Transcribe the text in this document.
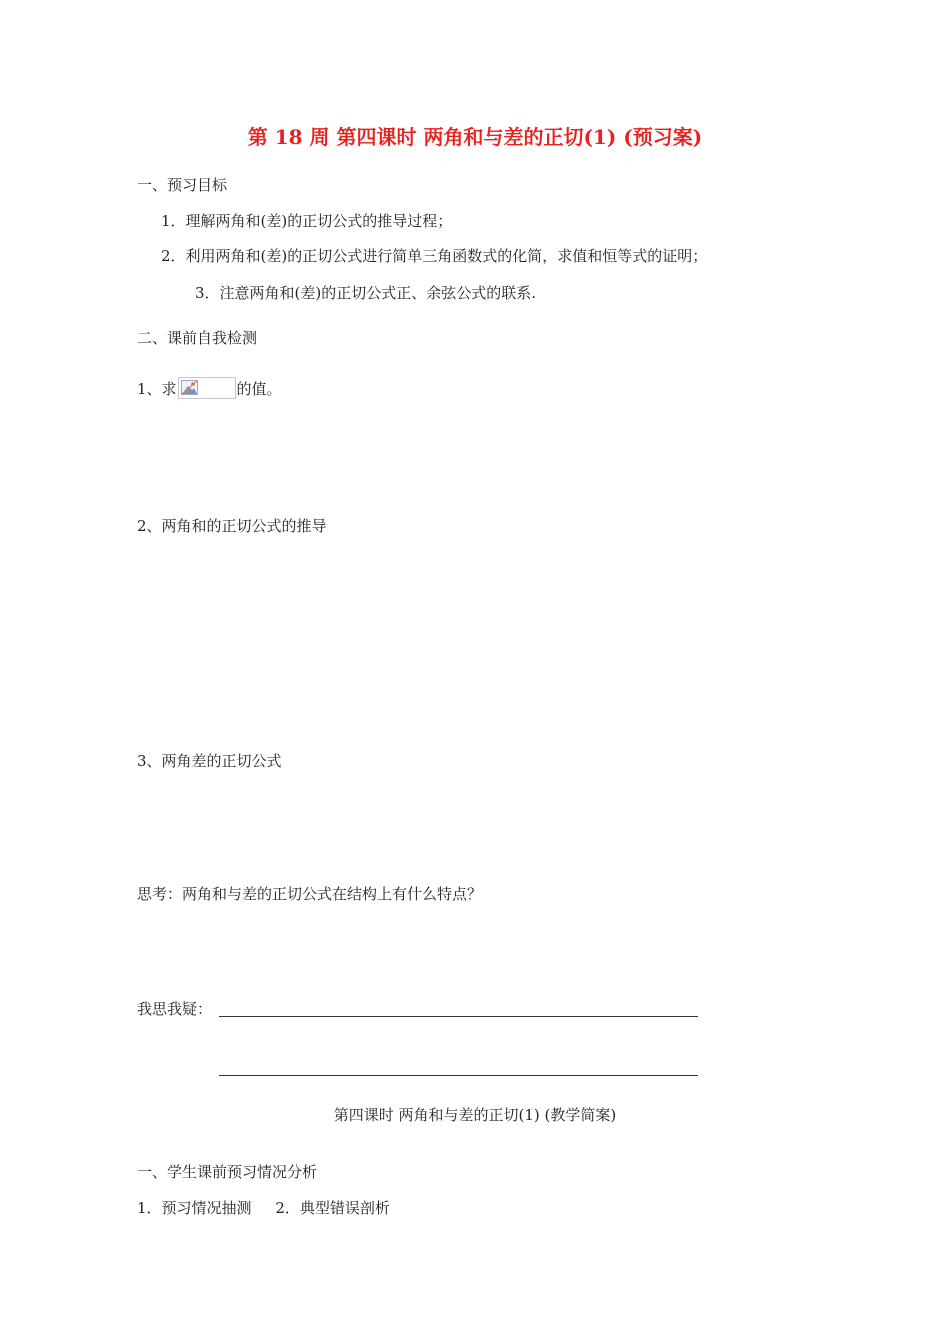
第 18 周 第四课时 两角和与差的正切(1) (预习案)
一、预习目标
1．理解两角和(差)的正切公式的推导过程；
2．利用两角和(差)的正切公式进行简单三角函数式的化简，求值和恒等式的证明；
3．注意两角和(差)的正切公式正、余弦公式的联系.
二、课前自我检测
1、求	的值。
2、两角和的正切公式的推导
3、两角差的正切公式
思考：两角和与差的正切公式在结构上有什么特点？
我思我疑：
第四课时 两角和与差的正切(1) (教学简案)
一、学生课前预习情况分析
1．预习情况抽测     2．典型错误剖析
